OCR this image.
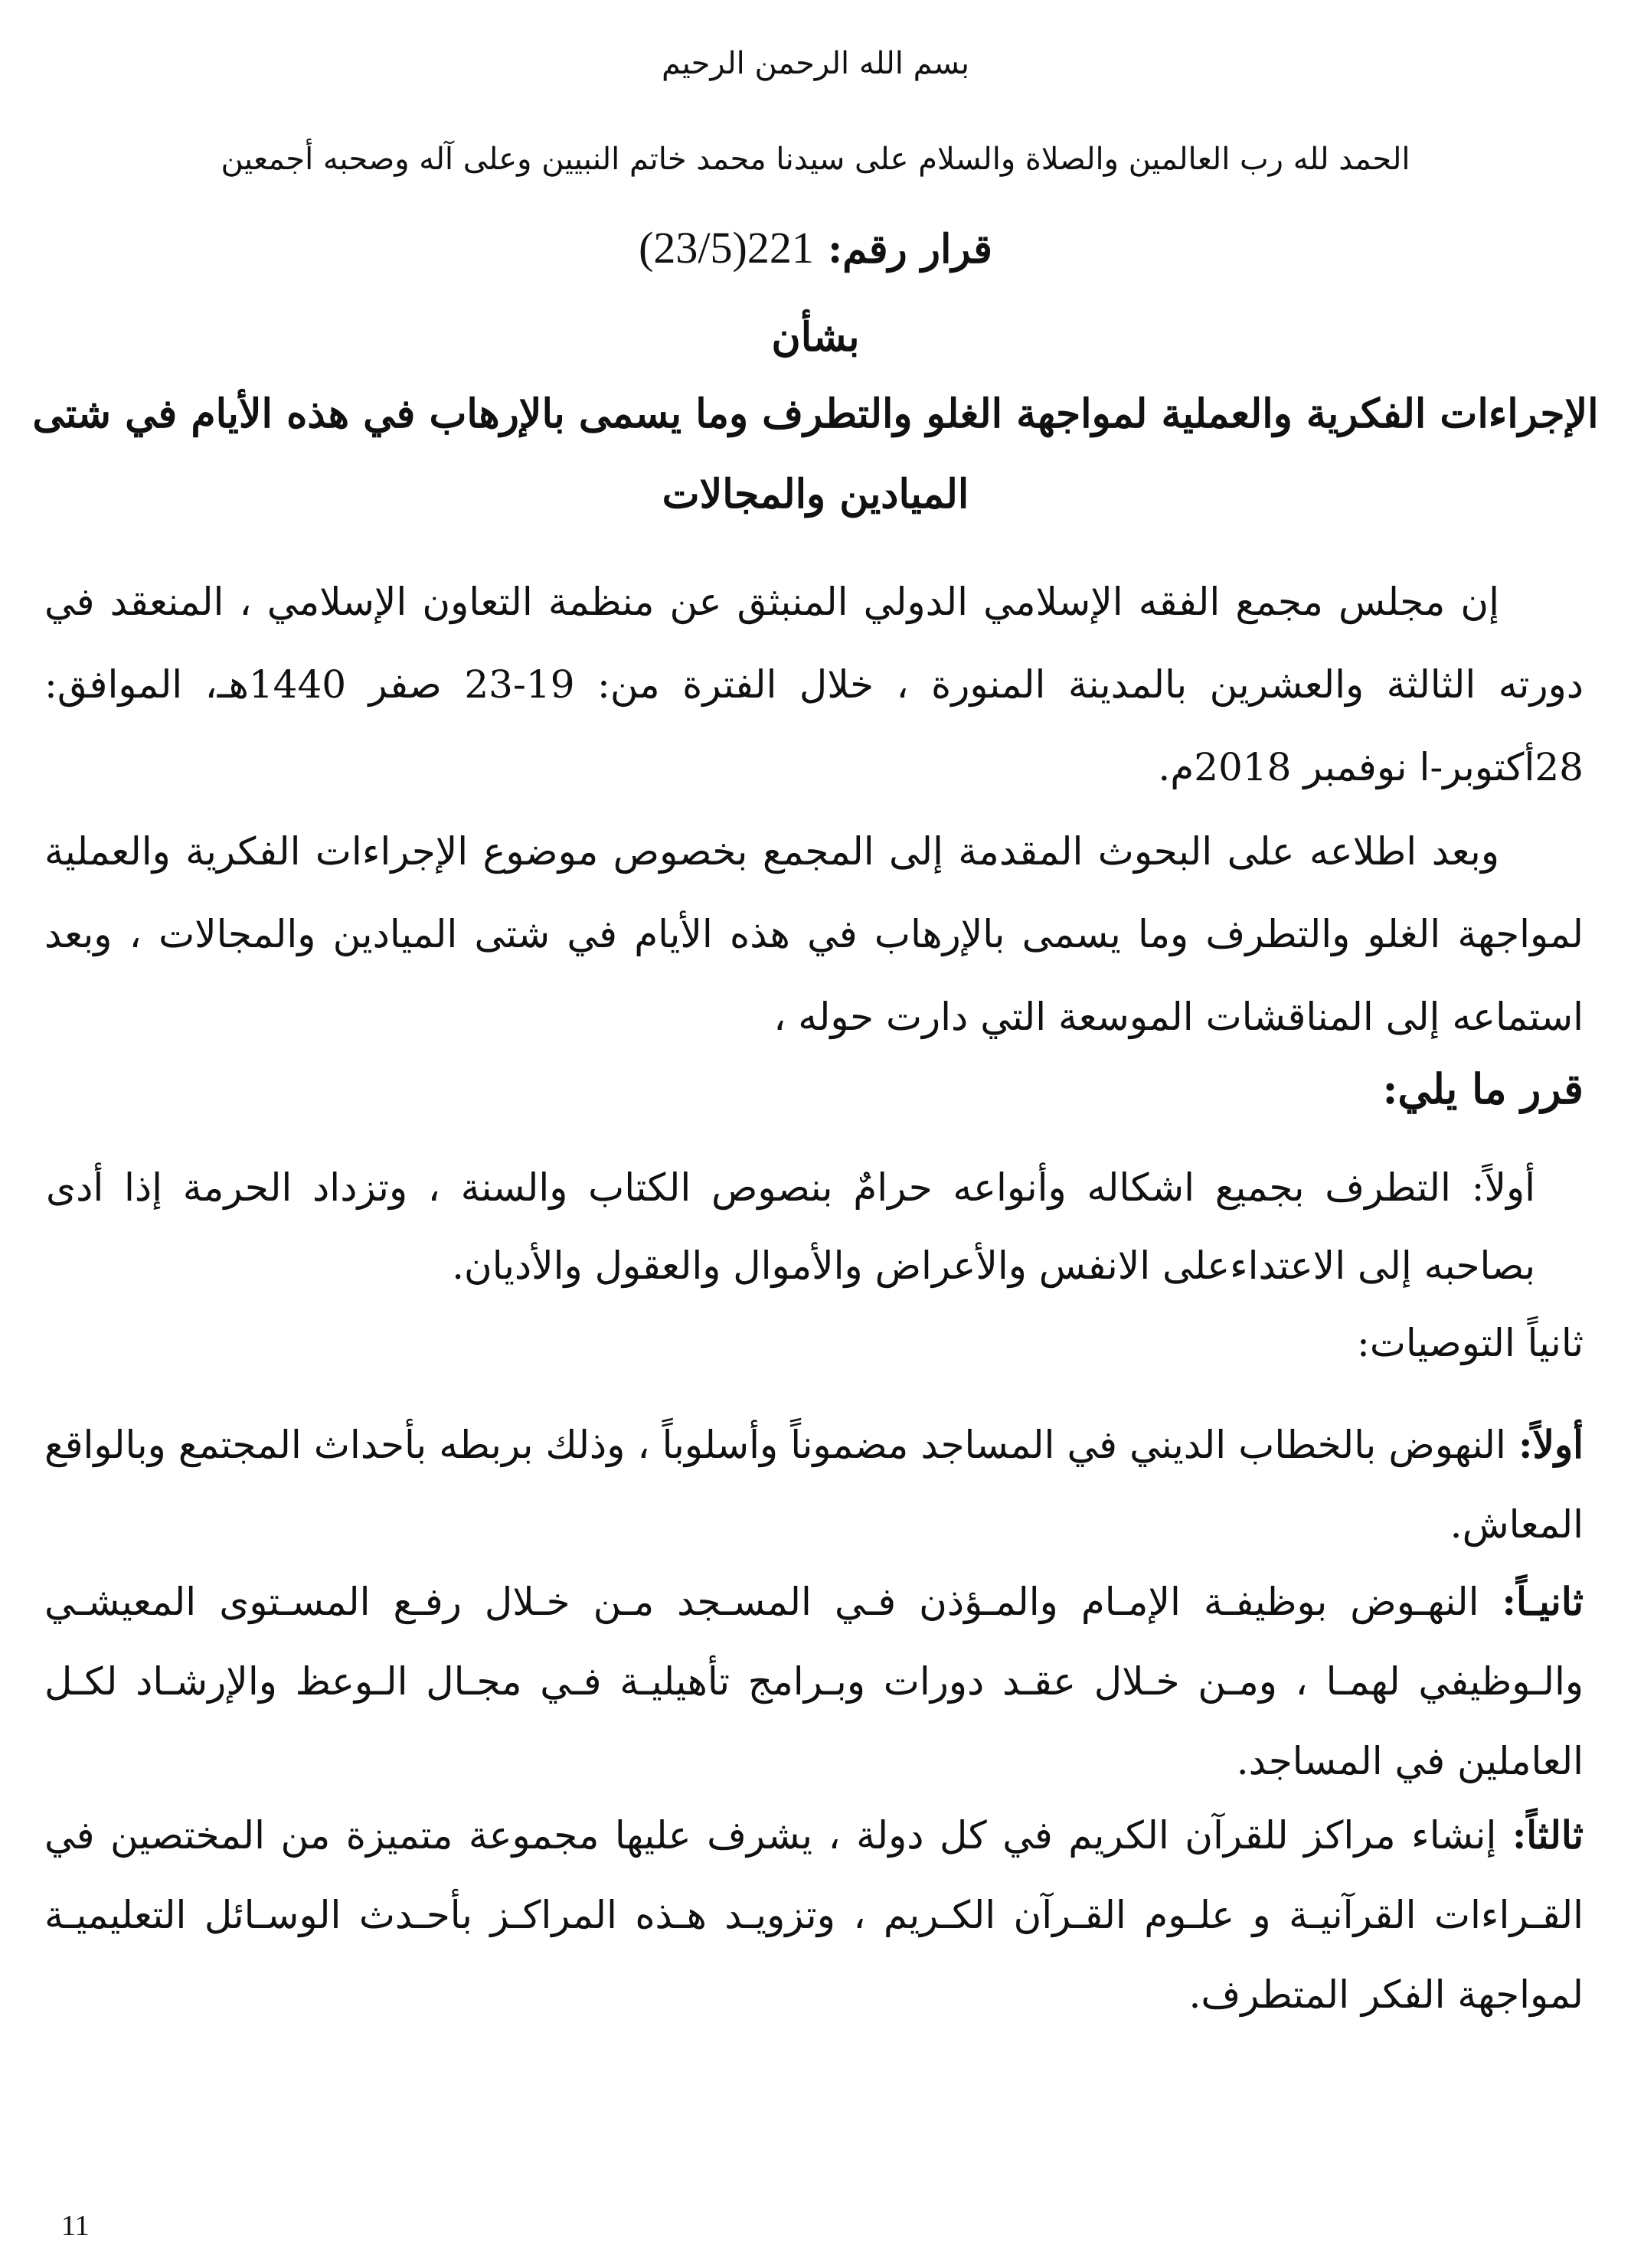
بسم الله الرحمن الرحيم
الحمد لله رب العالمين والصلاة والسلام على سيدنا محمد خاتم النبيين وعلى آله وصحبه أجمعين
قرار رقم: 221(23/5)
بشأن
الإجراءات الفكرية والعملية لمواجهة الغلو والتطرف وما يسمى بالإرهاب في هذه الأيام في شتى
الميادين والمجالات
إن مجلس مجمع الفقه الإسلامي الدولي المنبثق عن منظمة التعاون الإسلامي ، المنعقد في دورته الثالثة والعشرين بالمدينة المنورة ، خلال الفترة من: 19-23 صفر 1440هـ، الموافق: 28أكتوبر-ا نوفمبر 2018م.
وبعد اطلاعه على البحوث المقدمة إلى المجمع بخصوص موضوع الإجراءات الفكرية والعملية لمواجهة الغلو والتطرف وما يسمى بالإرهاب في هذه الأيام في شتى الميادين والمجالات ، وبعد استماعه إلى المناقشات الموسعة التي دارت حوله ،
قرر ما يلي:
أولاً: التطرف بجميع اشكاله وأنواعه حرامٌ بنصوص الكتاب والسنة ، وتزداد الحرمة إذا أدى بصاحبه إلى الاعتداءعلى الانفس والأعراض والأموال والعقول والأديان.
ثانياً التوصيات:
أولاً: النهوض بالخطاب الديني في المساجد مضموناً وأسلوباً ، وذلك بربطه بأحداث المجتمع وبالواقع المعاش.
ثانيـاً: النهـوض بوظيفـة الإمـام والمـؤذن فـي المسـجد مـن خـلال رفـع المسـتوى المعيشـي والـوظيفي لهمـا ، ومـن خـلال عقـد دورات وبـرامج تأهيليـة فـي مجـال الـوعظ والإرشـاد لكـل العاملين في المساجد.
ثالثاً: إنشاء مراكز للقرآن الكريم في كل دولة ، يشرف عليها مجموعة متميزة من المختصين في القـراءات القرآنيـة و علـوم القـرآن الكـريم ، وتزويـد هـذه المراكـز بأحـدث الوسـائل التعليميـة لمواجهة الفكر المتطرف.
11
